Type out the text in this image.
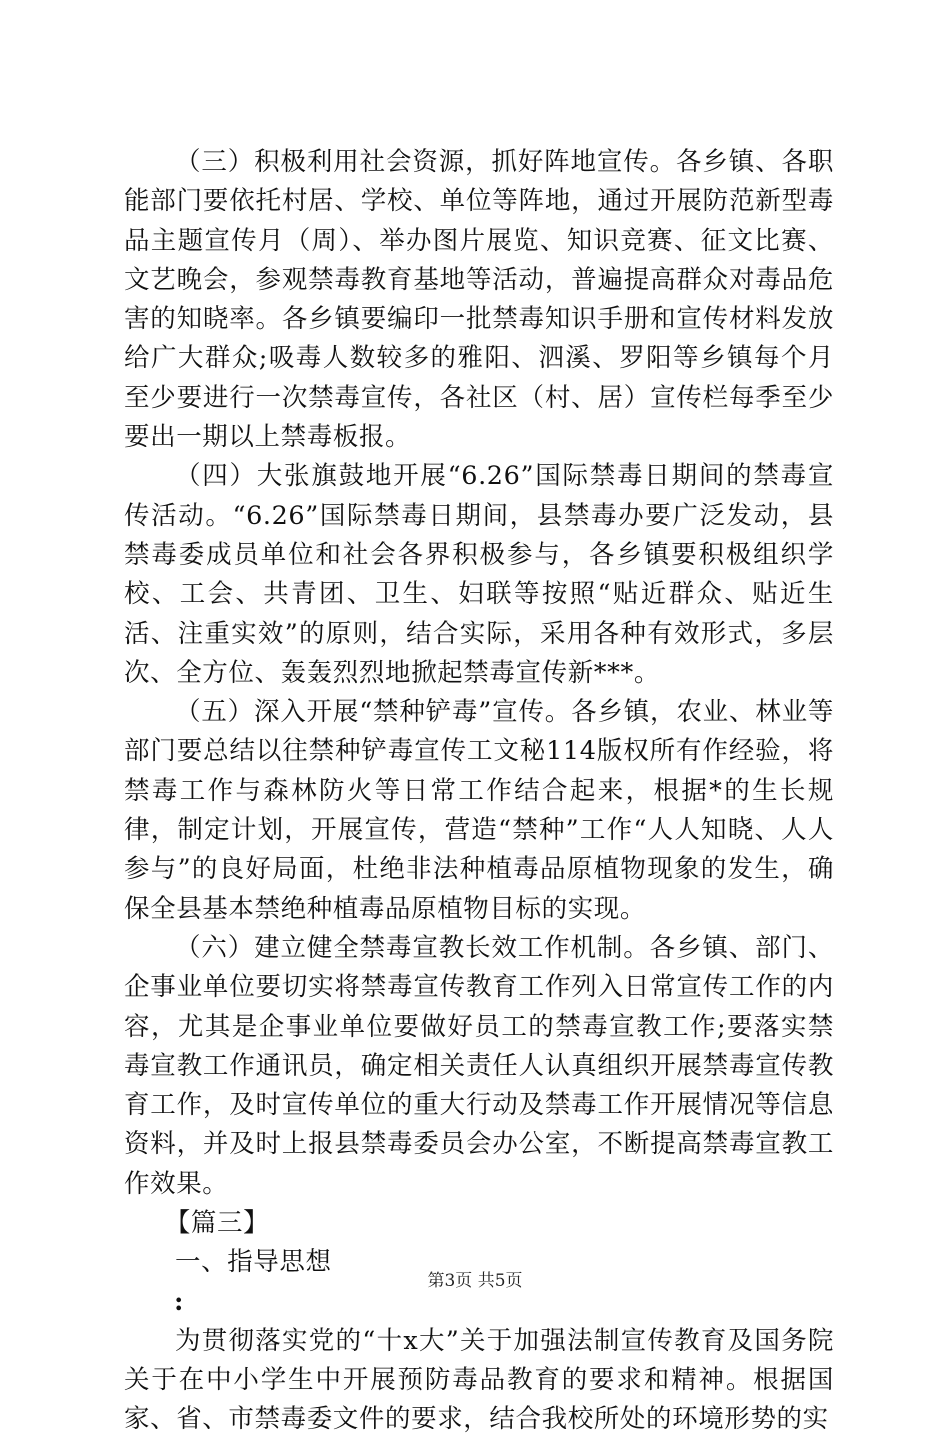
（三）积极利用社会资源，抓好阵地宣传。各乡镇、各职能部门要依托村居、学校、单位等阵地，通过开展防范新型毒品主题宣传月（周）、举办图片展览、知识竞赛、征文比赛、文艺晚会，参观禁毒教育基地等活动，普遍提高群众对毒品危害的知晓率。各乡镇要编印一批禁毒知识手册和宣传材料发放给广大群众;吸毒人数较多的雅阳、泗溪、罗阳等乡镇每个月至少要进行一次禁毒宣传，各社区（村、居）宣传栏每季至少要出一期以上禁毒板报。

（四）大张旗鼓地开展“6.26”国际禁毒日期间的禁毒宣传活动。“6.26”国际禁毒日期间，县禁毒办要广泛发动，县禁毒委成员单位和社会各界积极参与，各乡镇要积极组织学校、工会、共青团、卫生、妇联等按照“贴近群众、贴近生活、注重实效”的原则，结合实际，采用各种有效形式，多层次、全方位、轰轰烈烈地掀起禁毒宣传新***。

（五）深入开展“禁种铲毒”宣传。各乡镇，农业、林业等部门要总结以往禁种铲毒宣传工文秘114版权所有作经验，将禁毒工作与森林防火等日常工作结合起来，根据*的生长规律，制定计划，开展宣传，营造“禁种”工作“人人知晓、人人参与”的良好局面，杜绝非法种植毒品原植物现象的发生，确保全县基本禁绝种植毒品原植物目标的实现。

（六）建立健全禁毒宣教长效工作机制。各乡镇、部门、企事业单位要切实将禁毒宣传教育工作列入日常宣传工作的内容，尤其是企事业单位要做好员工的禁毒宣教工作;要落实禁毒宣教工作通讯员，确定相关责任人认真组织开展禁毒宣传教育工作，及时宣传单位的重大行动及禁毒工作开展情况等信息资料，并及时上报县禁毒委员会办公室，不断提高禁毒宣教工作效果。

【篇三】

一、指导思想

:

为贯彻落实党的“十x大”关于加强法制宣传教育及国务院关于在中小学生中开展预防毒品教育的要求和精神。根据国家、省、市禁毒委文件的要求，结合我校所处的环境形势的实

第3页 共5页
